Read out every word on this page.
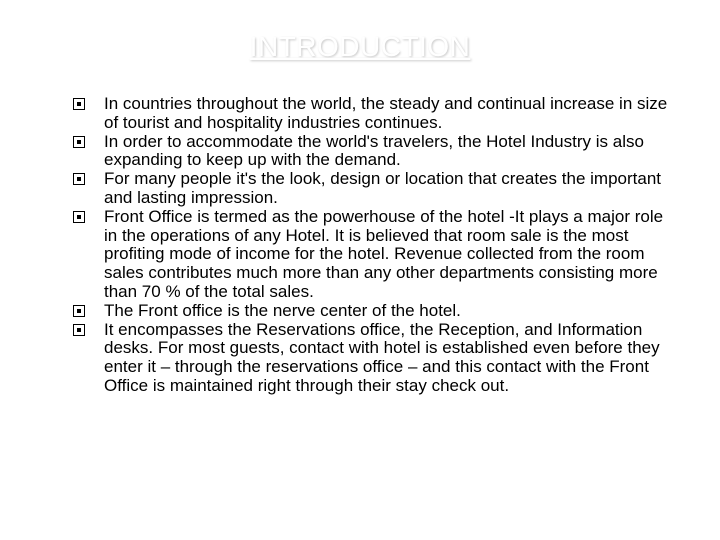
INTRODUCTION
In countries throughout the world, the steady and continual increase in size of tourist and hospitality industries continues.
In order to accommodate the world's travelers, the Hotel Industry is also expanding to keep up with the demand.
For many people it's the look, design or location that creates the important and lasting impression.
Front Office is termed as the powerhouse of the hotel -It plays a major role in the operations of any Hotel. It is believed that room sale is the most profiting mode of income for the hotel. Revenue collected from the room sales contributes much more than any other departments consisting more than 70 % of the total sales.
The Front office is the nerve center of the hotel.
It encompasses the Reservations office, the Reception, and Information desks. For most guests, contact with hotel is established even before they enter it – through the reservations office – and this contact with the Front Office is maintained right through their stay check out.
